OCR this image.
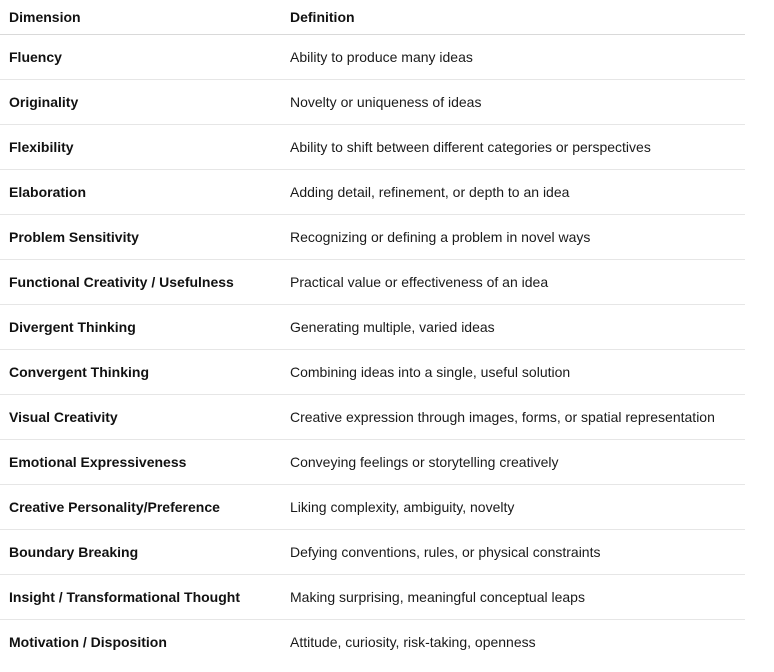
Dimension	Definition
Fluency	Ability to produce many ideas
Originality	Novelty or uniqueness of ideas
Flexibility	Ability to shift between different categories or perspectives
Elaboration	Adding detail, refinement, or depth to an idea
Problem Sensitivity	Recognizing or defining a problem in novel ways
Functional Creativity / Usefulness	Practical value or effectiveness of an idea
Divergent Thinking	Generating multiple, varied ideas
Convergent Thinking	Combining ideas into a single, useful solution
Visual Creativity	Creative expression through images, forms, or spatial representation
Emotional Expressiveness	Conveying feelings or storytelling creatively
Creative Personality/Preference	Liking complexity, ambiguity, novelty
Boundary Breaking	Defying conventions, rules, or physical constraints
Insight / Transformational Thought	Making surprising, meaningful conceptual leaps
Motivation / Disposition	Attitude, curiosity, risk-taking, openness
